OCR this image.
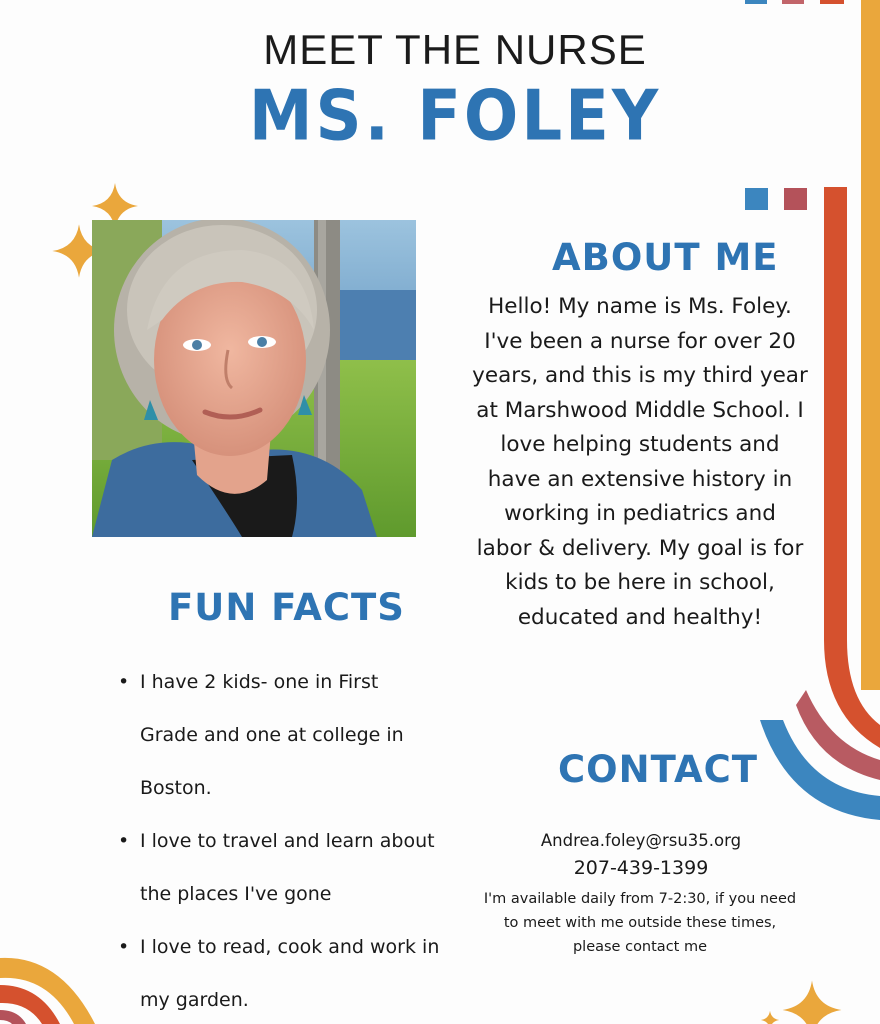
MEET THE NURSE
MS. FOLEY
ABOUT ME
Hello! My name is Ms. Foley.
I've been a nurse for over 20
years, and this is my third year
at Marshwood Middle School. I
love helping students and
have an extensive history in
working in pediatrics and
labor & delivery. My goal is for
kids to be here in school,
educated and healthy!
FUN FACTS
• I have 2 kids- one in First
Grade and one at college in
Boston.
• I love to travel and learn about
the places I've gone
• I love to read, cook and work in
my garden.
CONTACT
Andrea.foley@rsu35.org
207-439-1399
I'm available daily from 7-2:30, if you need
to meet with me outside these times,
please contact me
